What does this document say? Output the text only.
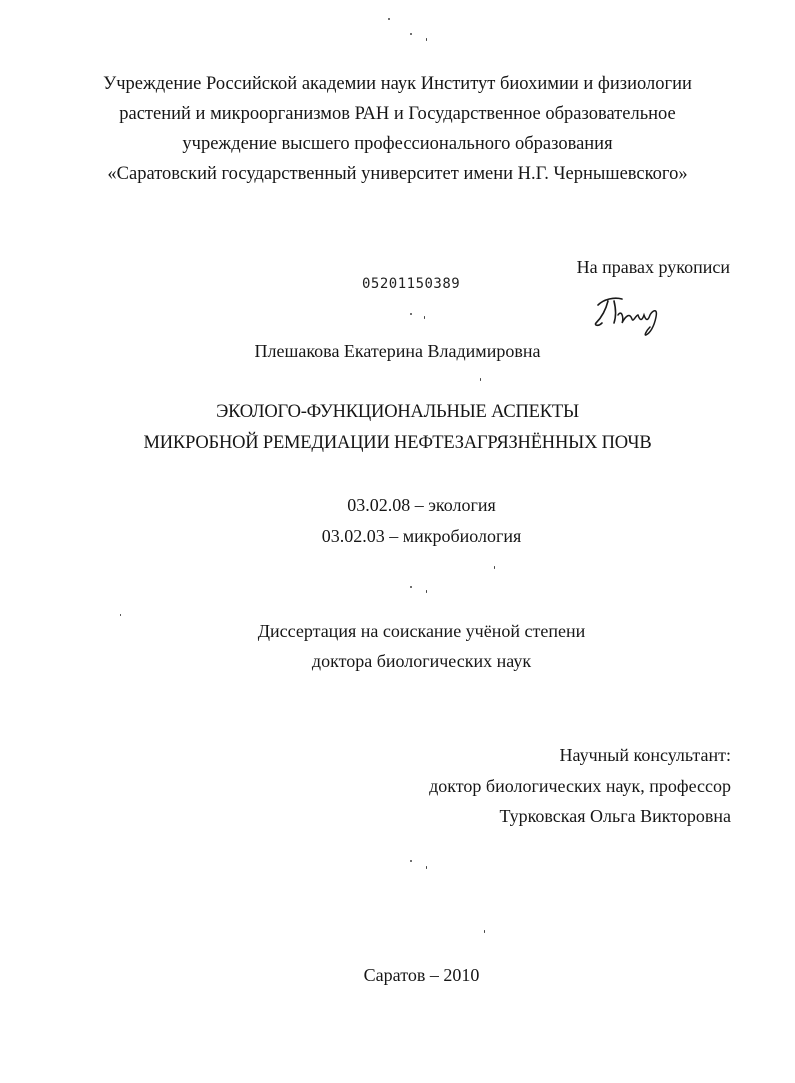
Учреждение Российской академии наук Институт биохимии и физиологии
растений и микроорганизмов РАН и Государственное образовательное
учреждение высшего профессионального образования
«Саратовский государственный университет имени Н.Г. Чернышевского»
На правах рукописи
05201150389
Плешакова Екатерина Владимировна
ЭКОЛОГО-ФУНКЦИОНАЛЬНЫЕ АСПЕКТЫ
МИКРОБНОЙ РЕМЕДИАЦИИ НЕФТЕЗАГРЯЗНЁННЫХ ПОЧВ
03.02.08 – экология
03.02.03 – микробиология
Диссертация на соискание учёной степени
доктора биологических наук
Научный консультант:
доктор биологических наук, профессор
Турковская Ольга Викторовна
Саратов – 2010
